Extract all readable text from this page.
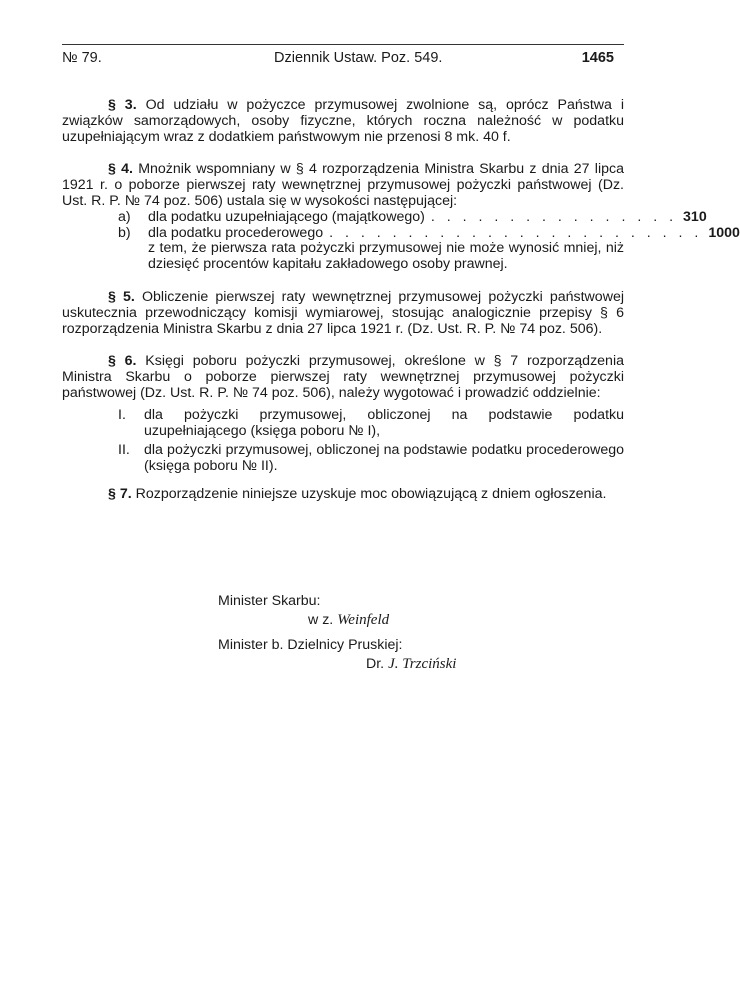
№ 79.	Dziennik Ustaw. Poz. 549.	1465

§ 3. Od udziału w pożyczce przymusowej zwolnione są, oprócz Państwa i związków samorządowych, osoby fizyczne, których roczna należność w podatku uzupełniającym wraz z dodatkiem państwowym nie przenosi 8 mk. 40 f.

§ 4. Mnożnik wspomniany w § 4 rozporządzenia Ministra Skarbu z dnia 27 lipca 1921 r. o poborze pierwszej raty wewnętrznej przymusowej pożyczki państwowej (Dz. Ust. R. P. № 74 poz. 506) ustala się w wysokości następującej:

a)	dla podatku uzupełniającego (majątkowego) . . . . . . . . . . . . . . . . 310
b)	dla podatku procederowego . . . . . . . . . . . . . . . . . . . . . . . . 1000
z tem, że pierwsza rata pożyczki przymusowej nie może wynosić mniej, niż dziesięć procentów kapitału zakładowego osoby prawnej.

§ 5. Obliczenie pierwszej raty wewnętrznej przymusowej pożyczki państwowej uskutecznia przewodniczący komisji wymiarowej, stosując analogicznie przepisy § 6 rozporządzenia Ministra Skarbu z dnia 27 lipca 1921 r. (Dz. Ust. R. P. № 74 poz. 506).

§ 6. Księgi poboru pożyczki przymusowej, określone w § 7 rozporządzenia Ministra Skarbu o poborze pierwszej raty wewnętrznej przymusowej pożyczki państwowej (Dz. Ust. R. P. № 74 poz. 506), należy wygotować i prowadzić oddzielnie:

I.	dla pożyczki przymusowej, obliczonej na podstawie podatku uzupełniającego (księga poboru № I),
II. dla pożyczki przymusowej, obliczonej na podstawie podatku procederowego (księga poboru № II).

§ 7. Rozporządzenie niniejsze uzyskuje moc obowiązującą z dniem ogłoszenia.

Minister Skarbu:
w z. Weinfeld
Minister b. Dzielnicy Pruskiej:
Dr. J. Trzciński
